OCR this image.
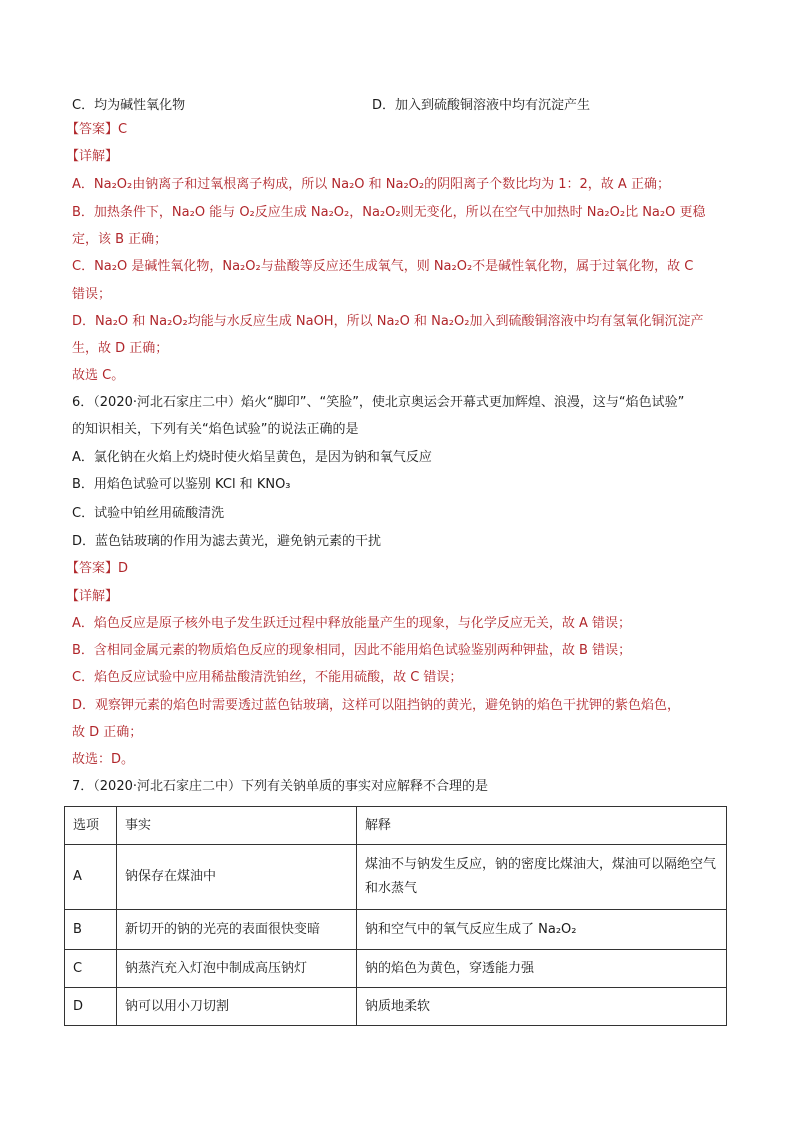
C．均为碱性氧化物	D．加入到硫酸铜溶液中均有沉淀产生
【答案】C
【详解】
A．Na₂O₂由钠离子和过氧根离子构成，所以 Na₂O 和 Na₂O₂的阴阳离子个数比均为 1：2，故 A 正确；
B．加热条件下，Na₂O 能与 O₂反应生成 Na₂O₂，Na₂O₂则无变化，所以在空气中加热时 Na₂O₂比 Na₂O 更稳
定，该 B 正确；
C．Na₂O 是碱性氧化物，Na₂O₂与盐酸等反应还生成氧气，则 Na₂O₂不是碱性氧化物，属于过氧化物，故 C
错误；
D．Na₂O 和 Na₂O₂均能与水反应生成 NaOH，所以 Na₂O 和 Na₂O₂加入到硫酸铜溶液中均有氢氧化铜沉淀产
生，故 D 正确；
故选 C。
6．（2020·河北石家庄二中）焰火“脚印”、“笑脸”，使北京奥运会开幕式更加辉煌、浪漫，这与“焰色试验”
的知识相关，下列有关“焰色试验”的说法正确的是
A．氯化钠在火焰上灼烧时使火焰呈黄色，是因为钠和氧气反应
B．用焰色试验可以鉴别 KCl 和 KNO₃
C．试验中铂丝用硫酸清洗
D．蓝色钴玻璃的作用为滤去黄光，避免钠元素的干扰
【答案】D
【详解】
A．焰色反应是原子核外电子发生跃迁过程中释放能量产生的现象，与化学反应无关，故 A 错误；
B．含相同金属元素的物质焰色反应的现象相同，因此不能用焰色试验鉴别两种钾盐，故 B 错误；
C．焰色反应试验中应用稀盐酸清洗铂丝，不能用硫酸，故 C 错误；
D．观察钾元素的焰色时需要透过蓝色钴玻璃，这样可以阻挡钠的黄光，避免钠的焰色干扰钾的紫色焰色，
故 D 正确；
故选：D。
7．（2020·河北石家庄二中）下列有关钠单质的事实对应解释不合理的是
选项	事实	解释
A	钠保存在煤油中	煤油不与钠发生反应，钠的密度比煤油大，煤油可以隔绝空气和水蒸气
B	新切开的钠的光亮的表面很快变暗	钠和空气中的氧气反应生成了 Na₂O₂
C	钠蒸汽充入灯泡中制成高压钠灯	钠的焰色为黄色，穿透能力强
D	钠可以用小刀切割	钠质地柔软
